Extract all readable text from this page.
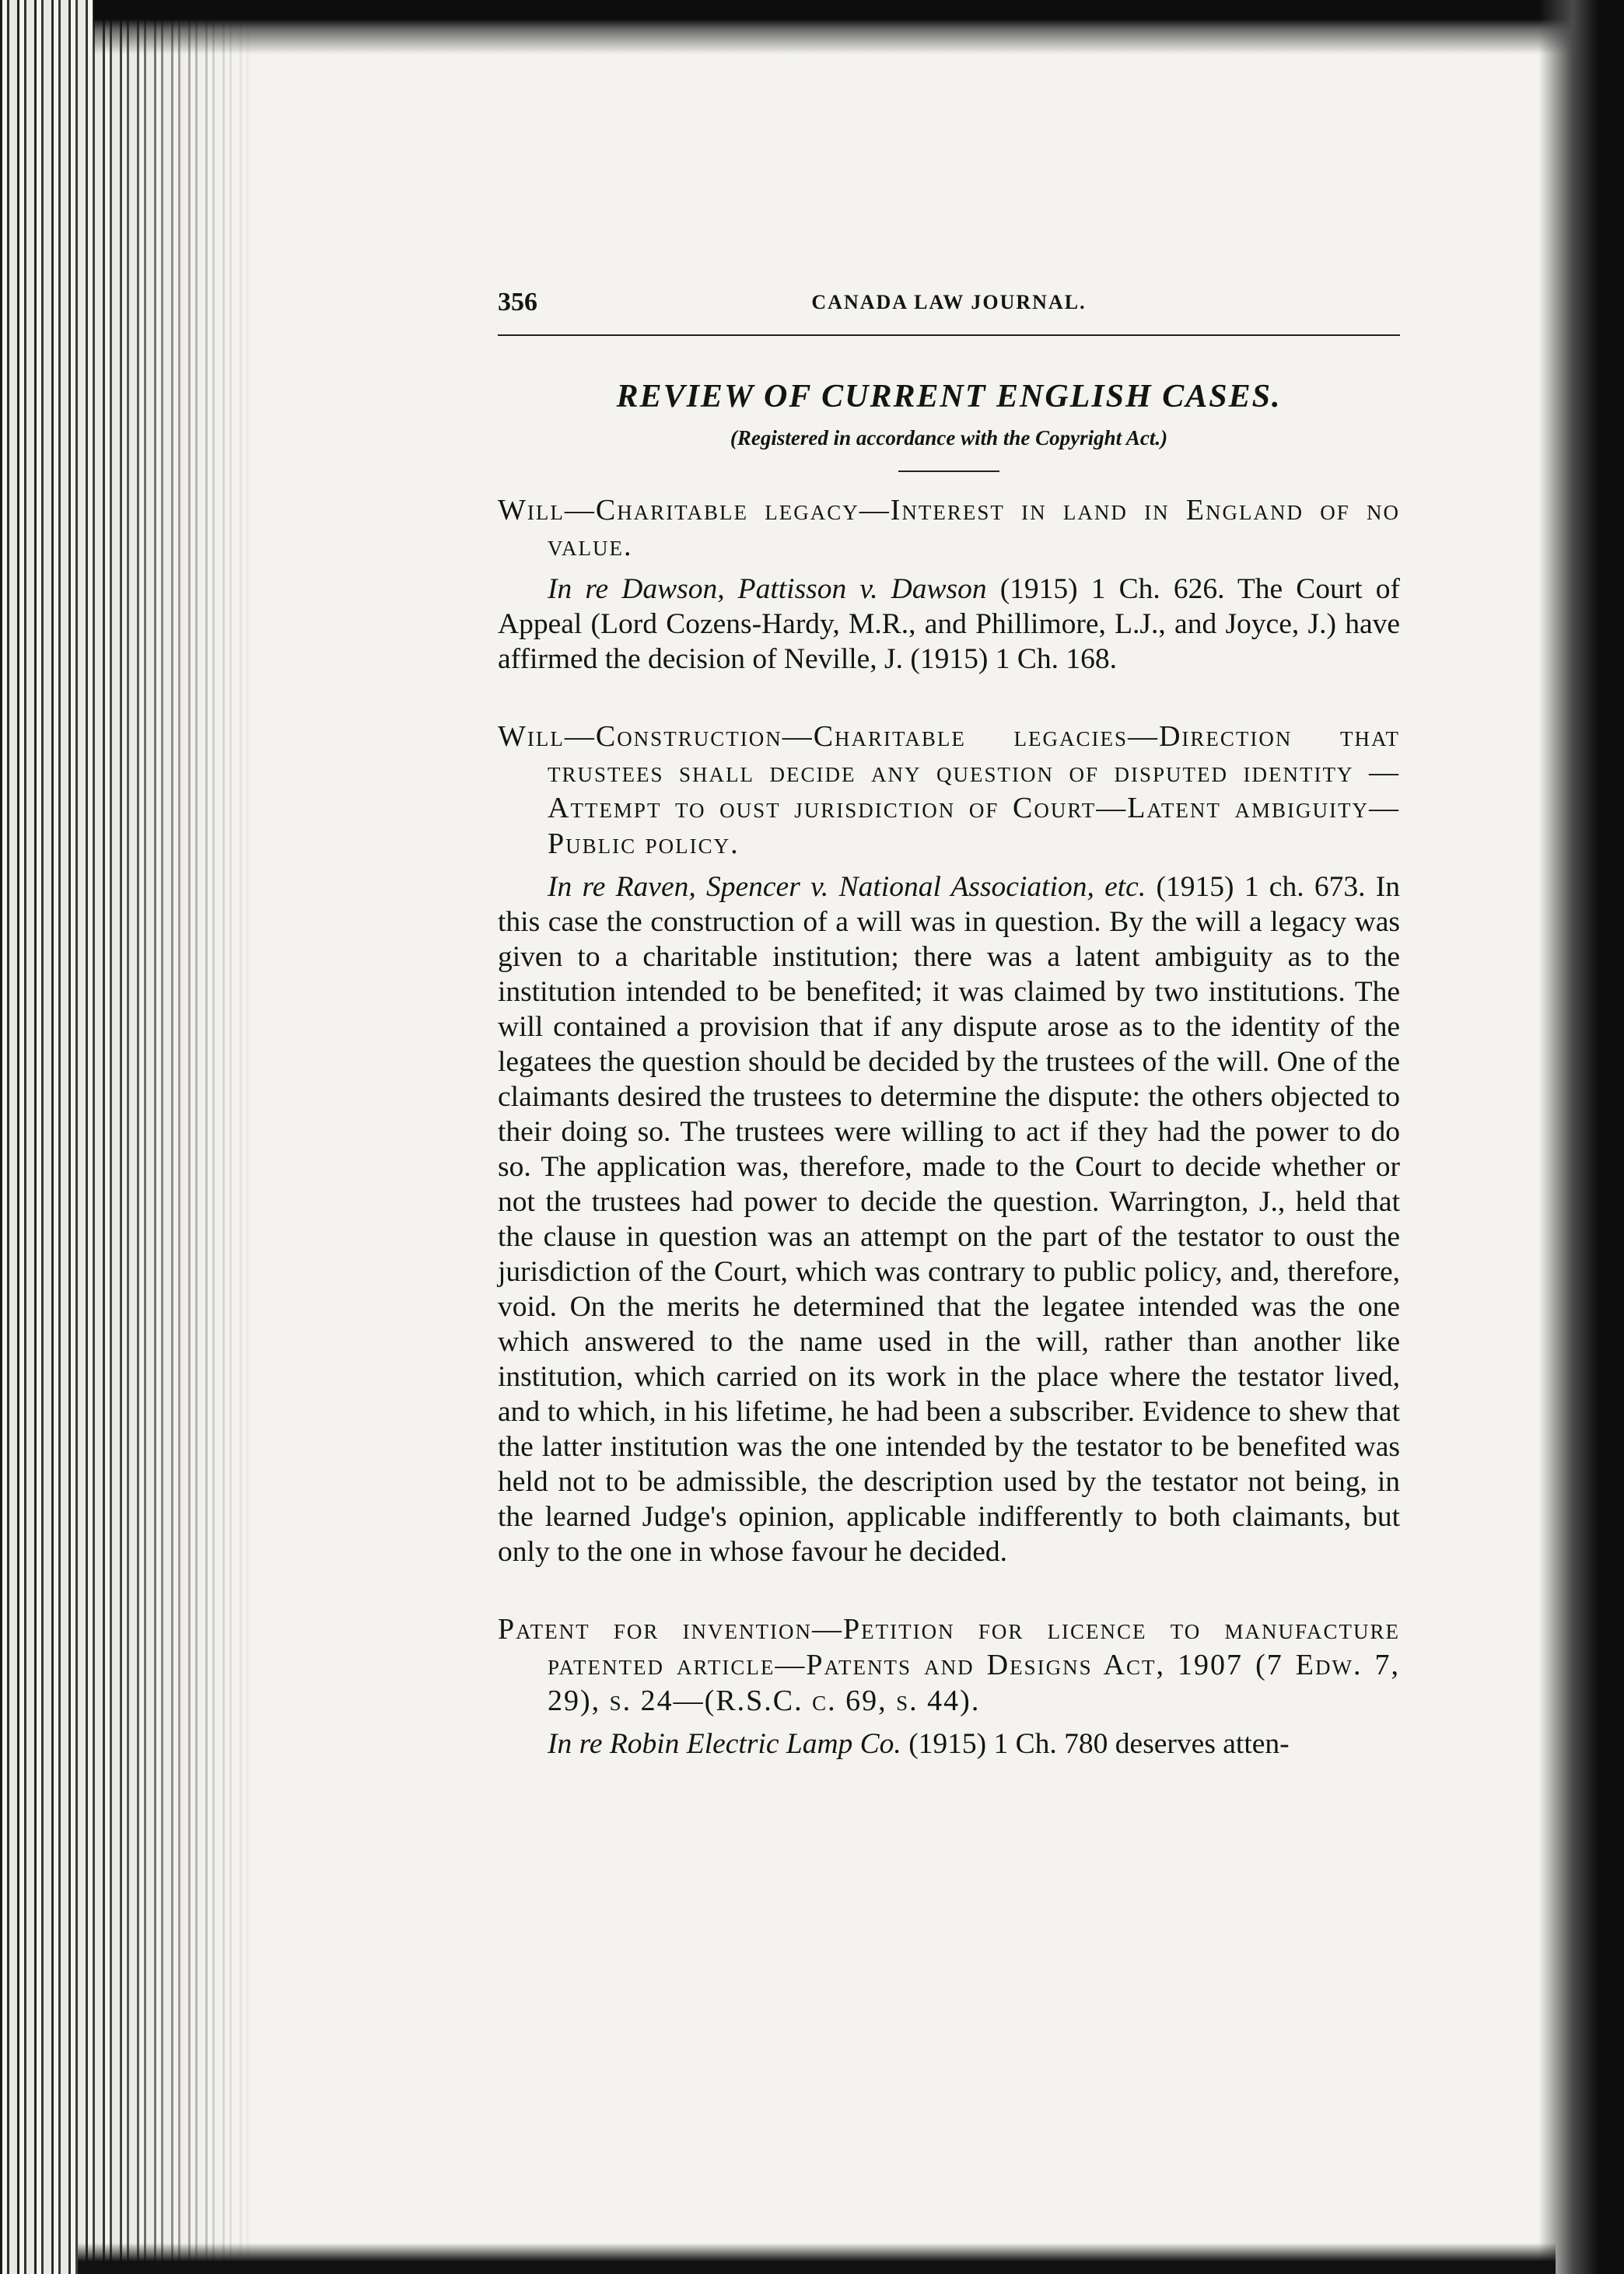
356	CANADA LAW JOURNAL.
REVIEW OF CURRENT ENGLISH CASES.
(Registered in accordance with the Copyright Act.)
Will—Charitable legacy—Interest in land in England of no value.

In re Dawson, Pattisson v. Dawson (1915) 1 Ch. 626. The Court of Appeal (Lord Cozens-Hardy, M.R., and Phillimore, L.J., and Joyce, J.) have affirmed the decision of Neville, J. (1915) 1 Ch. 168.

Will—Construction—Charitable legacies—Direction that trustees shall decide any question of disputed identity —Attempt to oust jurisdiction of Court—Latent ambiguity—Public policy.

In re Raven, Spencer v. National Association, etc. (1915) 1 ch. 673. In this case the construction of a will was in question. By the will a legacy was given to a charitable institution; there was a latent ambiguity as to the institution intended to be benefited; it was claimed by two institutions. The will contained a provision that if any dispute arose as to the identity of the legatees the question should be decided by the trustees of the will. One of the claimants desired the trustees to determine the dispute: the others objected to their doing so. The trustees were willing to act if they had the power to do so. The application was, therefore, made to the Court to decide whether or not the trustees had power to decide the question. Warrington, J., held that the clause in question was an attempt on the part of the testator to oust the jurisdiction of the Court, which was contrary to public policy, and, therefore, void. On the merits he determined that the legatee intended was the one which answered to the name used in the will, rather than another like institution, which carried on its work in the place where the testator lived, and to which, in his lifetime, he had been a subscriber. Evidence to shew that the latter institution was the one intended by the testator to be benefited was held not to be admissible, the description used by the testator not being, in the learned Judge's opinion, applicable indifferently to both claimants, but only to the one in whose favour he decided.

Patent for invention—Petition for licence to manufacture patented article—Patents and Designs Act, 1907 (7 Edw. 7, 29), s. 24—(R.S.C. c. 69, s. 44).

In re Robin Electric Lamp Co. (1915) 1 Ch. 780 deserves atten-
